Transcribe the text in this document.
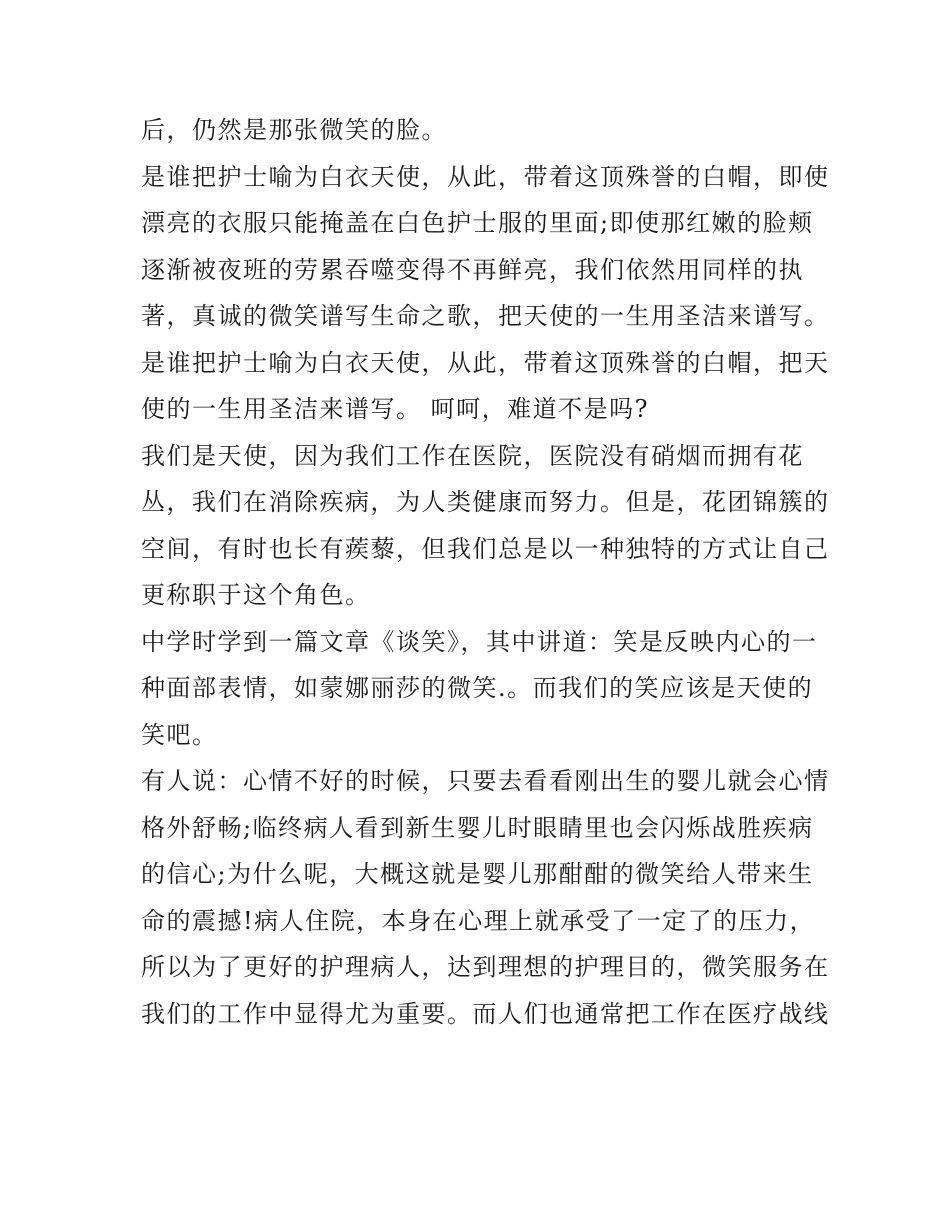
后，仍然是那张微笑的脸。
是谁把护士喻为白衣天使，从此，带着这顶殊誉的白帽，即使
漂亮的衣服只能掩盖在白色护士服的里面;即使那红嫩的脸颊
逐渐被夜班的劳累吞噬变得不再鲜亮，我们依然用同样的执
著，真诚的微笑谱写生命之歌，把天使的一生用圣洁来谱写。
是谁把护士喻为白衣天使，从此，带着这顶殊誉的白帽，把天
使的一生用圣洁来谱写。 呵呵，难道不是吗?
我们是天使，因为我们工作在医院，医院没有硝烟而拥有花
丛，我们在消除疾病，为人类健康而努力。但是，花团锦簇的
空间，有时也长有蒺藜，但我们总是以一种独特的方式让自己
更称职于这个角色。
中学时学到一篇文章《谈笑》，其中讲道：笑是反映内心的一
种面部表情，如蒙娜丽莎的微笑.。而我们的笑应该是天使的
笑吧。
有人说：心情不好的时候，只要去看看刚出生的婴儿就会心情
格外舒畅;临终病人看到新生婴儿时眼睛里也会闪烁战胜疾病
的信心;为什么呢，大概这就是婴儿那酣酣的微笑给人带来生
命的震撼!病人住院，本身在心理上就承受了一定了的压力，
所以为了更好的护理病人，达到理想的护理目的，微笑服务在
我们的工作中显得尤为重要。而人们也通常把工作在医疗战线
